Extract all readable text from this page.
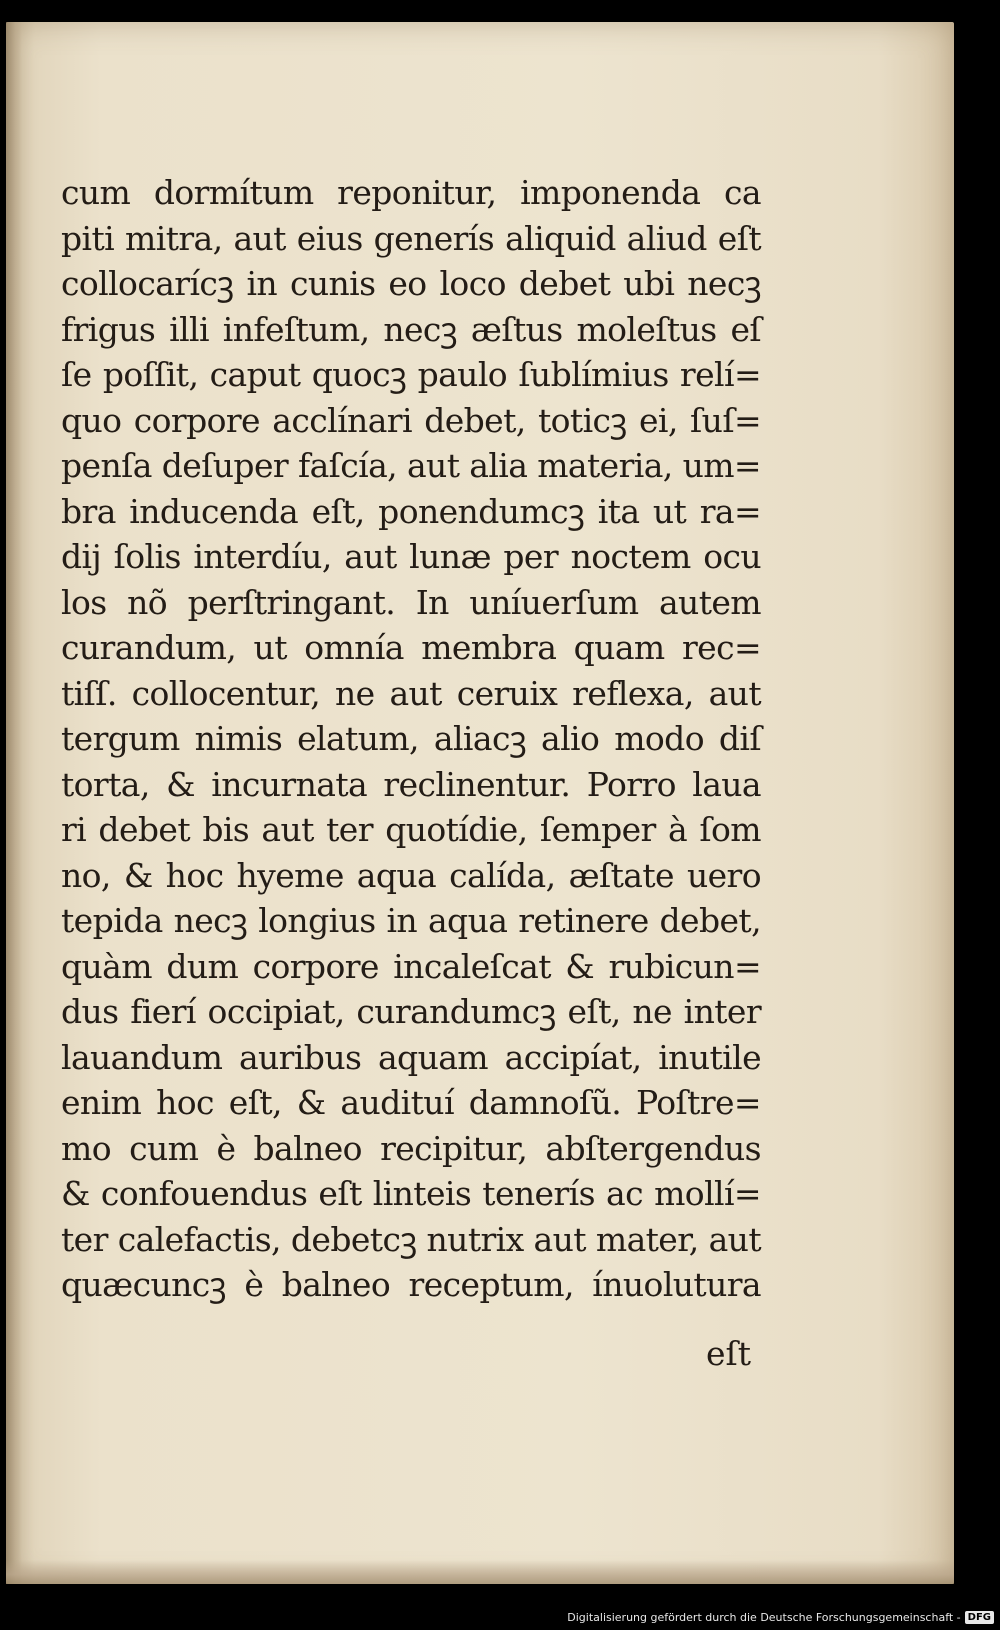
cum dormítum reponitur, imponenda ca
piti mitra, aut eius generís aliquid aliud eſt
collocarícꝫ in cunis eo loco debet ubi necꝫ
frigus illi infeſtum, necꝫ æſtus moleſtus eſ
ſe poſſit, caput quocꝫ paulo ſublímius relí=
quo corpore acclínari debet, toticꝫ ei, ſuſ=
penſa deſuper faſcía, aut alia materia, um=
bra inducenda eſt, ponendumcꝫ ita ut ra=
dij ſolis interdíu, aut lunæ per noctem ocu
los nõ perſtringant. In uníuerſum autem
curandum, ut omnía membra quam rec=
tiſſ. collocentur, ne aut ceruix reflexa, aut
tergum nimis elatum, aliacꝫ alio modo diſ
torta, & incurnata reclinentur. Porro laua
ri debet bis aut ter quotídie, ſemper à ſom
no, & hoc hyeme aqua calída, æſtate uero
tepida necꝫ longius in aqua retinere debet,
quàm dum corpore incaleſcat & rubicun=
dus fierí occipiat, curandumcꝫ eſt, ne inter
lauandum auribus aquam accipíat, inutile
enim hoc eſt, & audituí damnoſũ. Poſtre=
mo cum è balneo recipitur, abſtergendus
& confouendus eſt linteis tenerís ac mollí=
ter calefactis, debetcꝫ nutrix aut mater, aut
quæcuncꝫ è balneo receptum, ínuolutura
eſt
Digitalisierung gefördert durch die Deutsche Forschungsgemeinschaft - DFG
